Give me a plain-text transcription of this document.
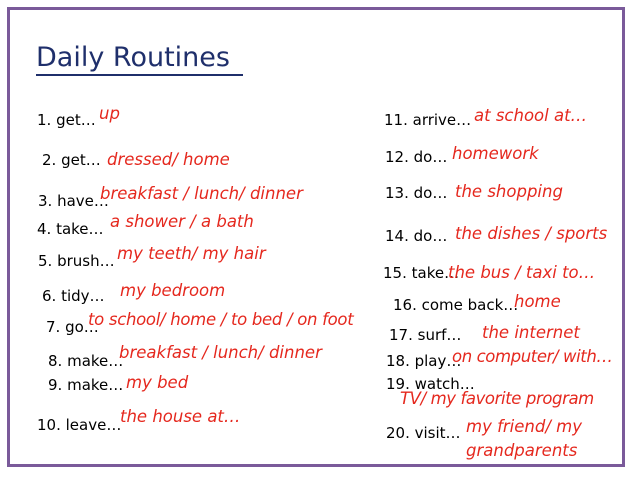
Daily Routines
1. get… up
2. get… dressed/ home
3. have…
breakfast / lunch/ dinner
4. take… a shower / a bath
5. brush… my teeth/ my hair
6. tidy… my bedroom
7. go…
to school/ home / to bed / on foot
8. make…
breakfast / lunch/ dinner
9. make… my bed
10. leave…
the house at…
11. arrive… at school at…
12. do… homework
13. do… the shopping
14. do… the dishes / sports
15. take…
the bus / taxi to…
16. come back…
home
17. surf… the internet
18. play…
on computer/ with…
19. watch…
TV/ my favorite program
20. visit… my friend/ my
grandparents
